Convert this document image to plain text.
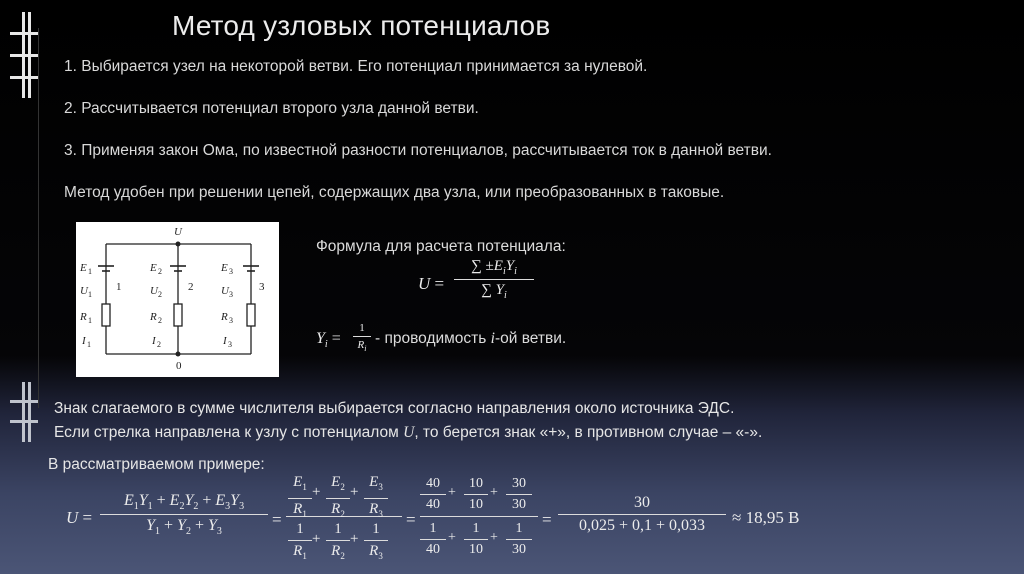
Метод узловых потенциалов
1. Выбирается узел на некоторой ветви. Его потенциал принимается за нулевой.
2. Рассчитывается потенциал второго узла данной ветви.
3. Применяя закон Ома, по известной разности потенциалов, рассчитывается ток в данной ветви.
Метод удобен при решении цепей, содержащих два узла, или преобразованных в таковые.
1	2	3
0
U
E 1
U 1
R 1
I 1
E 2
U 2
R 2
I 2
E 3
U 3
R 3
I 3
Формула для расчета потенциала:
U =
∑ $\pm E_iY_i$
∑ $Y_i$
$Y_i$ =
1
$R_i$
- проводимость i-ой ветви.
Знак слагаемого в сумме числителя выбирается согласно направления около источника ЭДС.
Если стрелка направлена к узлу с потенциалом U, то берется знак «+», в противном случае – «-».
В рассматриваемом примере:
U =
$E_1Y_1 + E_2Y_2 + E_3Y_3$
$Y_1 + Y_2 + Y_3$
=
$E_1$
$R_1$
+
$E_2$
$R_2$
+
$E_3$
$R_3$
1
$R_1$
+
1
$R_2$
+
1
$R_3$
=
40
40
+
10
10
+
30
30
1
40
+
1
10
+
1
30
=
30
0,025 + 0,1 + 0,033	≈ 18,95 В
